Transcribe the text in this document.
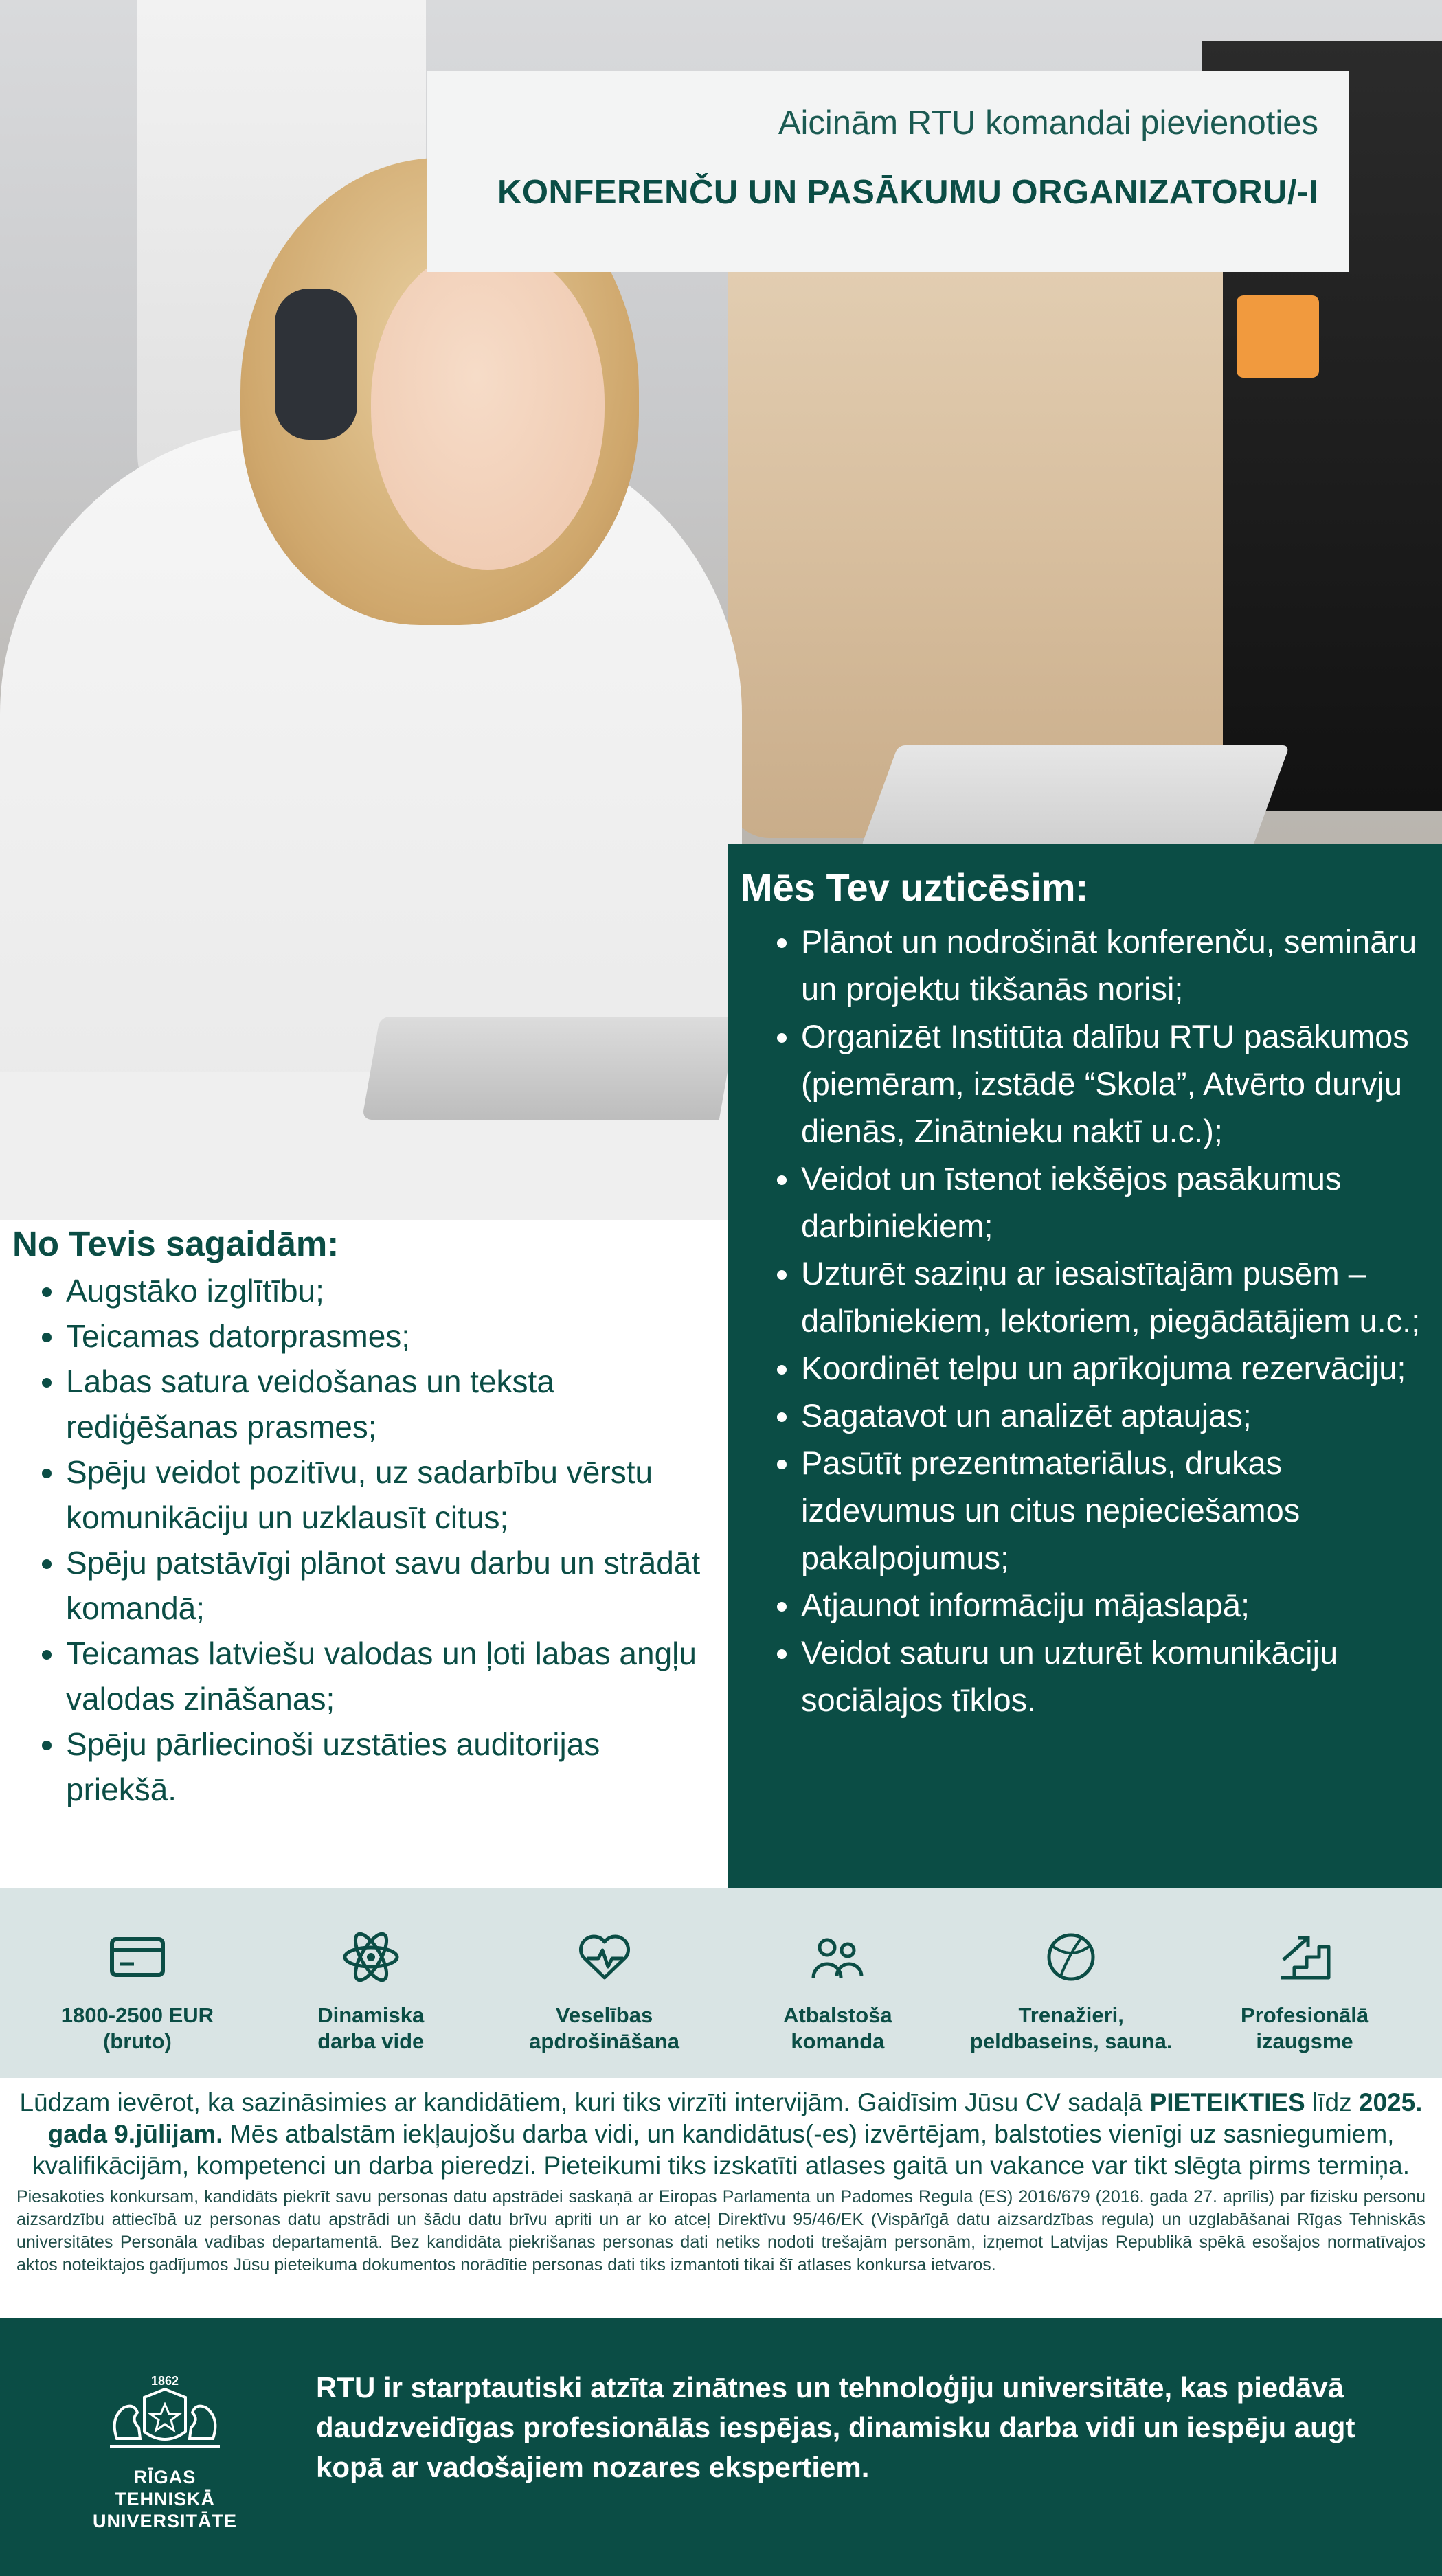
Aicinām RTU komandai pievienoties
KONFERENČU UN PASĀKUMU ORGANIZATORU/-I
Mēs Tev uzticēsim:
• Plānot un nodrošināt konferenču, semināru un projektu tikšanās norisi;
• Organizēt Institūta dalību RTU pasākumos (piemēram, izstādē “Skola”, Atvērto durvju dienās, Zinātnieku naktī u.c.);
• Veidot un īstenot iekšējos pasākumus darbiniekiem;
• Uzturēt saziņu ar iesaistītajām pusēm – dalībniekiem, lektoriem, piegādātājiem u.c.;
• Koordinēt telpu un aprīkojuma rezervāciju;
• Sagatavot un analizēt aptaujas;
• Pasūtīt prezentmateriālus, drukas izdevumus un citus nepieciešamos pakalpojumus;
• Atjaunot informāciju mājaslapā;
• Veidot saturu un uzturēt komunikāciju sociālajos tīklos.
No Tevis sagaidām:
• Augstāko izglītību;
• Teicamas datorprasmes;
• Labas satura veidošanas un teksta rediģēšanas prasmes;
• Spēju veidot pozitīvu, uz sadarbību vērstu komunikāciju un uzklausīt citus;
• Spēju patstāvīgi plānot savu darbu un strādāt komandā;
• Teicamas latviešu valodas un ļoti labas angļu valodas zināšanas;
• Spēju pārliecinoši uzstāties auditorijas priekšā.
1800-2500 EUR
(bruto)
Dinamiska
darba vide
Veselības
apdrošināšana
Atbalstoša
komanda
Trenažieri,
peldbaseins, sauna.
Profesionālā
izaugsme

Lūdzam ievērot, ka sazināsimies ar kandidātiem, kuri tiks virzīti intervijām. Gaidīsim Jūsu CV sadaļā PIETEIKTIES līdz 2025. gada 9.jūlijam. Mēs atbalstām iekļaujošu darba vidi, un kandidātus(-es) izvērtējam, balstoties vienīgi uz sasniegumiem, kvalifikācijām, kompetenci un darba pieredzi. Pieteikumi tiks izskatīti atlases gaitā un vakance var tikt slēgta pirms termiņa.

Piesakoties konkursam, kandidāts piekrīt savu personas datu apstrādei saskaņā ar Eiropas Parlamenta un Padomes Regula (ES) 2016/679 (2016. gada 27. aprīlis) par fizisku personu aizsardzību attiecībā uz personas datu apstrādi un šādu datu brīvu apriti un ar ko atceļ Direktīvu 95/46/EK (Vispārīgā datu aizsardzības regula) un uzglabāšanai Rīgas Tehniskās universitātes Personāla vadības departamentā. Bez kandidāta piekrišanas personas dati netiks nodoti trešajām personām, izņemot Latvijas Republikā spēkā esošajos normatīvajos aktos noteiktajos gadījumos Jūsu pieteikuma dokumentos norādītie personas dati tiks izmantoti tikai šī atlases konkursa ietvaros.

1862
RĪGAS TEHNISKĀ
UNIVERSITĀTE
RTU ir starptautiski atzīta zinātnes un tehnoloģiju universitāte, kas piedāvā daudzveidīgas profesionālās iespējas, dinamisku darba vidi un iespēju augt kopā ar vadošajiem nozares ekspertiem.
